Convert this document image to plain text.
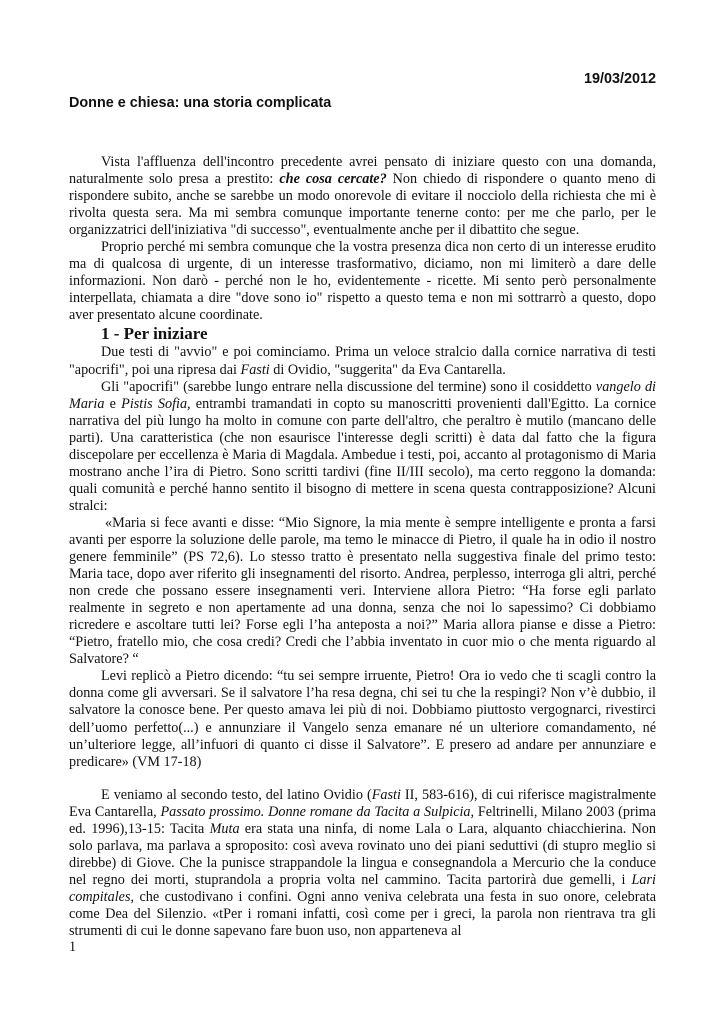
19/03/2012
Donne e chiesa: una storia complicata

Vista l'affluenza dell'incontro precedente avrei pensato di iniziare questo con una domanda, naturalmente solo presa a prestito: che cosa cercate? Non chiedo di rispondere o quanto meno di rispondere subito, anche se sarebbe un modo onorevole di evitare il nocciolo della richiesta che mi è rivolta questa sera. Ma mi sembra comunque importante tenerne conto: per me che parlo, per le organizzatrici dell'iniziativa "di successo", eventualmente anche per il dibattito che segue.

Proprio perché mi sembra comunque che la vostra presenza dica non certo di un interesse erudito ma di qualcosa di urgente, di un interesse trasformativo, diciamo, non mi limiterò a dare delle informazioni. Non darò - perché non le ho, evidentemente - ricette. Mi sento però personalmente interpellata, chiamata a dire "dove sono io" rispetto a questo tema e non mi sottrarrò a questo, dopo aver presentato alcune coordinate.

1 - Per iniziare

Due testi di "avvio" e poi cominciamo. Prima un veloce stralcio dalla cornice narrativa di testi "apocrifi", poi una ripresa dai Fasti di Ovidio, "suggerita" da Eva Cantarella.

Gli "apocrifi" (sarebbe lungo entrare nella discussione del termine) sono il cosiddetto vangelo di Maria e Pistis Sofia, entrambi tramandati in copto su manoscritti provenienti dall'Egitto. La cornice narrativa del più lungo ha molto in comune con parte dell'altro, che peraltro è mutilo (mancano delle parti). Una caratteristica (che non esaurisce l'interesse degli scritti) è data dal fatto che la figura discepolare per eccellenza è Maria di Magdala. Ambedue i testi, poi, accanto al protagonismo di Maria mostrano anche l’ira di Pietro. Sono scritti tardivi (fine II/III secolo), ma certo reggono la domanda: quali comunità e perché hanno sentito il bisogno di mettere in scena questa contrapposizione? Alcuni stralci:

«Maria si fece avanti e disse: “Mio Signore, la mia mente è sempre intelligente e pronta a farsi avanti per esporre la soluzione delle parole, ma temo le minacce di Pietro, il quale ha in odio il nostro genere femminile” (PS 72,6). Lo stesso tratto è presentato nella suggestiva finale del primo testo: Maria tace, dopo aver riferito gli insegnamenti del risorto. Andrea, perplesso, interroga gli altri, perché non crede che possano essere insegnamenti veri. Interviene allora Pietro: “Ha forse egli parlato realmente in segreto e non apertamente ad una donna, senza che noi lo sapessimo? Ci dobbiamo ricredere e ascoltare tutti lei? Forse egli l’ha anteposta a noi?” Maria allora pianse e disse a Pietro: “Pietro, fratello mio, che cosa credi? Credi che l’abbia inventato in cuor mio o che menta riguardo al Salvatore? “

Levi replicò a Pietro dicendo: “tu sei sempre irruente, Pietro! Ora io vedo che ti scagli contro la donna come gli avversari. Se il salvatore l’ha resa degna, chi sei tu che la respingi? Non v’è dubbio, il salvatore la conosce bene. Per questo amava lei più di noi. Dobbiamo piuttosto vergognarci, rivestirci dell’uomo perfetto(...) e annunziare il Vangelo senza emanare né un ulteriore comandamento, né un’ulteriore legge, all’infuori di quanto ci disse il Salvatore”. E presero ad andare per annunziare e predicare» (VM 17-18)

E veniamo al secondo testo, del latino Ovidio (Fasti II, 583-616), di cui riferisce magistralmente Eva Cantarella, Passato prossimo. Donne romane da Tacita a Sulpicia, Feltrinelli, Milano 2003 (prima ed. 1996),13-15: Tacita Muta era stata una ninfa, di nome Lala o Lara, alquanto chiacchierina. Non solo parlava, ma parlava a sproposito: così aveva rovinato uno dei piani seduttivi (di stupro meglio si direbbe) di Giove. Che la punisce strappandole la lingua e consegnandola a Mercurio che la conduce nel regno dei morti, stuprandola a propria volta nel cammino. Tacita partorirà due gemelli, i Lari compitales, che custodivano i confini. Ogni anno veniva celebrata una festa in suo onore, celebrata come Dea del Silenzio. «tPer i romani infatti, così come per i greci, la parola non rientrava tra gli strumenti di cui le donne sapevano fare buon uso, non apparteneva al

1
